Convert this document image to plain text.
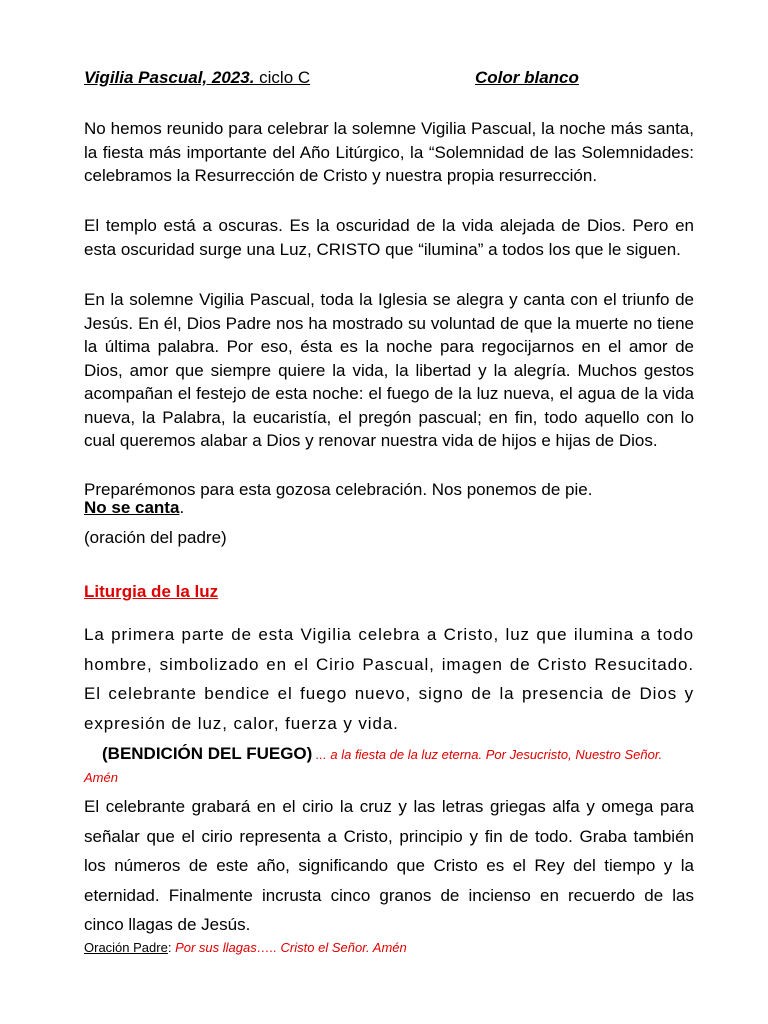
Vigilia Pascual, 2023. ciclo C	Color blanco
No hemos reunido para celebrar la solemne Vigilia Pascual, la noche más santa, la fiesta más importante del Año Litúrgico, la “Solemnidad de las Solemnidades: celebramos la Resurrección de Cristo y nuestra propia resurrección.
El templo está a oscuras. Es la oscuridad de la vida alejada de Dios. Pero en esta oscuridad surge una Luz, CRISTO que “ilumina” a todos los que le siguen.
En la solemne Vigilia Pascual, toda la Iglesia se alegra y canta con el triunfo de Jesús. En él, Dios Padre nos ha mostrado su voluntad de que la muerte no tiene la última palabra. Por eso, ésta es la noche para regocijarnos en el amor de Dios, amor que siempre quiere la vida, la libertad y la alegría. Muchos gestos acompañan el festejo de esta noche: el fuego de la luz nueva, el agua de la vida nueva, la Palabra, la eucaristía, el pregón pascual; en fin, todo aquello con lo cual queremos alabar a Dios y renovar nuestra vida de hijos e hijas de Dios.
Preparémonos para esta gozosa celebración. Nos ponemos de pie.
No se canta.
(oración del padre)
Liturgia de la luz
La primera parte de esta Vigilia celebra a Cristo, luz que ilumina a todo hombre, simbolizado en el Cirio Pascual, imagen de Cristo Resucitado. El celebrante bendice el fuego nuevo, signo de la presencia de Dios y expresión de luz, calor, fuerza y vida.
(BENDICIÓN DEL FUEGO) ... a la fiesta de la luz eterna. Por Jesucristo, Nuestro Señor. Amén
El celebrante grabará en el cirio la cruz y las letras griegas alfa y omega para señalar que el cirio representa a Cristo, principio y fin de todo. Graba también los números de este año, significando que Cristo es el Rey del tiempo y la eternidad. Finalmente incrusta cinco granos de incienso en recuerdo de las cinco llagas de Jesús.
Oración Padre: Por sus llagas….. Cristo el Señor. Amén
